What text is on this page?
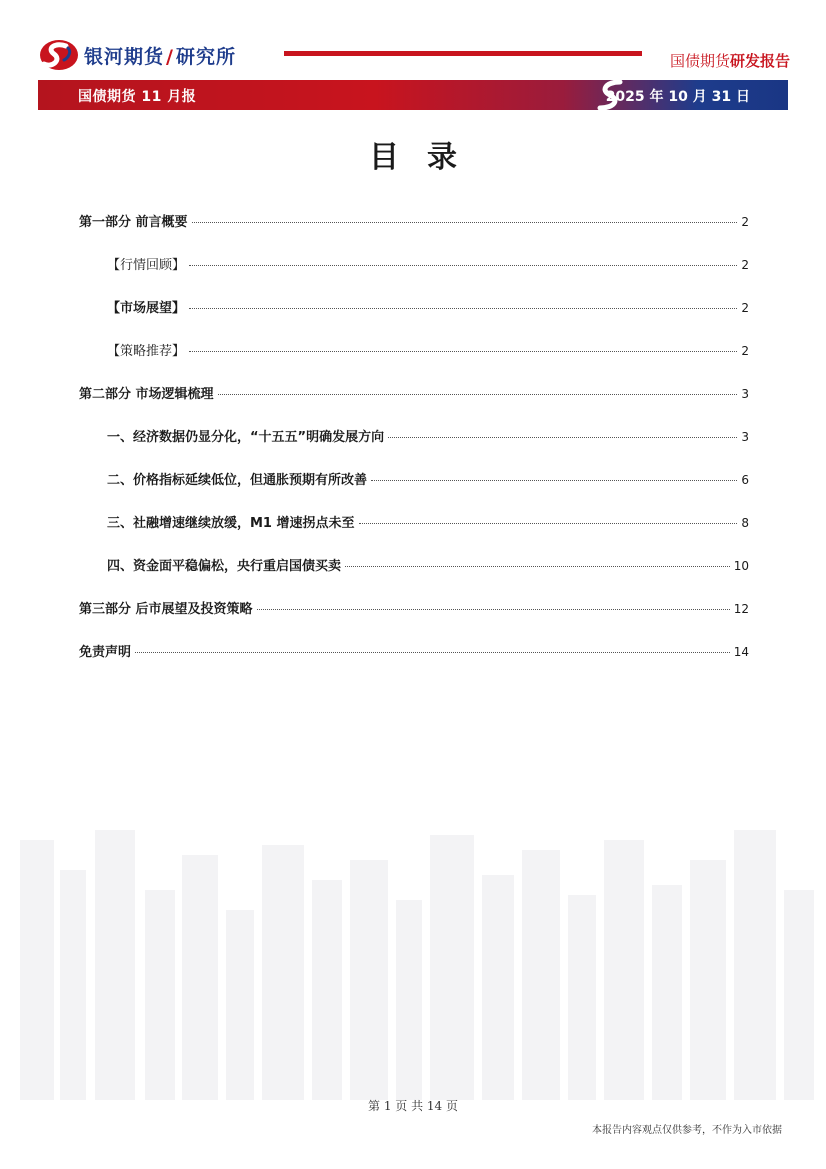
银河期货 / 研究所	国债期货研发报告
国债期货 11 月报	2025 年 10 月 31 日
目录
第一部分 前言概要	2
【行情回顾】	2
【市场展望】	2
【策略推荐】	2
第二部分 市场逻辑梳理	3
一、经济数据仍显分化，“十五五”明确发展方向	3
二、价格指标延续低位，但通胀预期有所改善	6
三、社融增速继续放缓，M1 增速拐点未至	8
四、资金面平稳偏松，央行重启国债买卖	10
第三部分 后市展望及投资策略	12
免责声明	14
第 1 页 共 14 页
本报告内容观点仅供参考，不作为入市依据
